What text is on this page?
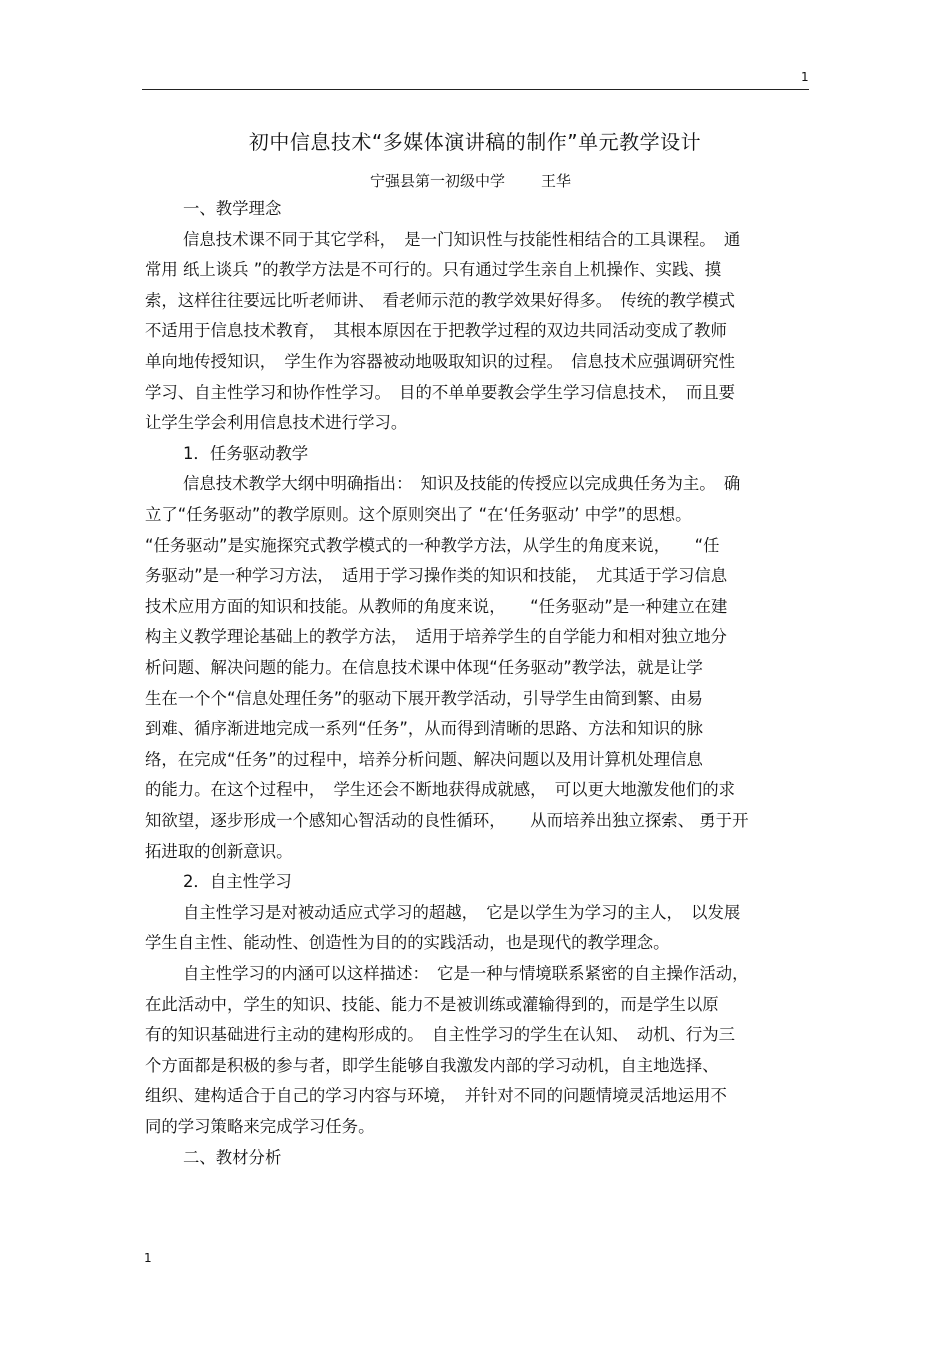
1
初中信息技术“多媒体演讲稿的制作”单元教学设计
宁强县第一初级中学 王华
一、教学理念
信息技术课不同于其它学科，　是一门知识性与技能性相结合的工具课程。　通
常用 纸上谈兵 ”的教学方法是不可行的。只有通过学生亲自上机操作、实践、摸
索，这样往往要远比听老师讲、　看老师示范的教学效果好得多。　传统的教学模式
不适用于信息技术教育，　其根本原因在于把教学过程的双边共同活动变成了教师
单向地传授知识，　学生作为容器被动地吸取知识的过程。　信息技术应强调研究性
学习、自主性学习和协作性学习。　目的不单单要教会学生学习信息技术，　而且要
让学生学会利用信息技术进行学习。
1．任务驱动教学
信息技术教学大纲中明确指出：　知识及技能的传授应以完成典任务为主。　确
立了“任务驱动”的教学原则。这个原则突出了 “在‘任务驱动’ 中学”的思想。
“任务驱动”是实施探究式教学模式的一种教学方法，从学生的角度来说，　　“任
务驱动”是一种学习方法，　适用于学习操作类的知识和技能，　尤其适于学习信息
技术应用方面的知识和技能。从教师的角度来说，　　“任务驱动”是一种建立在建
构主义教学理论基础上的教学方法，　适用于培养学生的自学能力和相对独立地分
析问题、解决问题的能力。在信息技术课中体现“任务驱动”教学法，就是让学
生在一个个“信息处理任务”的驱动下展开教学活动，引导学生由简到繁、由易
到难、循序渐进地完成一系列“任务”，从而得到清晰的思路、方法和知识的脉
络，在完成“任务”的过程中，培养分析问题、解决问题以及用计算机处理信息
的能力。在这个过程中，　学生还会不断地获得成就感，　可以更大地激发他们的求
知欲望，逐步形成一个感知心智活动的良性循环，　　从而培养出独立探索、 勇于开
拓进取的创新意识。
2．自主性学习
自主性学习是对被动适应式学习的超越，　它是以学生为学习的主人，　以发展
学生自主性、能动性、创造性为目的的实践活动，也是现代的教学理念。
自主性学习的内涵可以这样描述：　它是一种与情境联系紧密的自主操作活动，
在此活动中，学生的知识、技能、能力不是被训练或灌输得到的，而是学生以原
有的知识基础进行主动的建构形成的。　自主性学习的学生在认知、　动机、行为三
个方面都是积极的参与者，即学生能够自我激发内部的学习动机，自主地选择、
组织、建构适合于自己的学习内容与环境，　并针对不同的问题情境灵活地运用不
同的学习策略来完成学习任务。
二、教材分析
1
